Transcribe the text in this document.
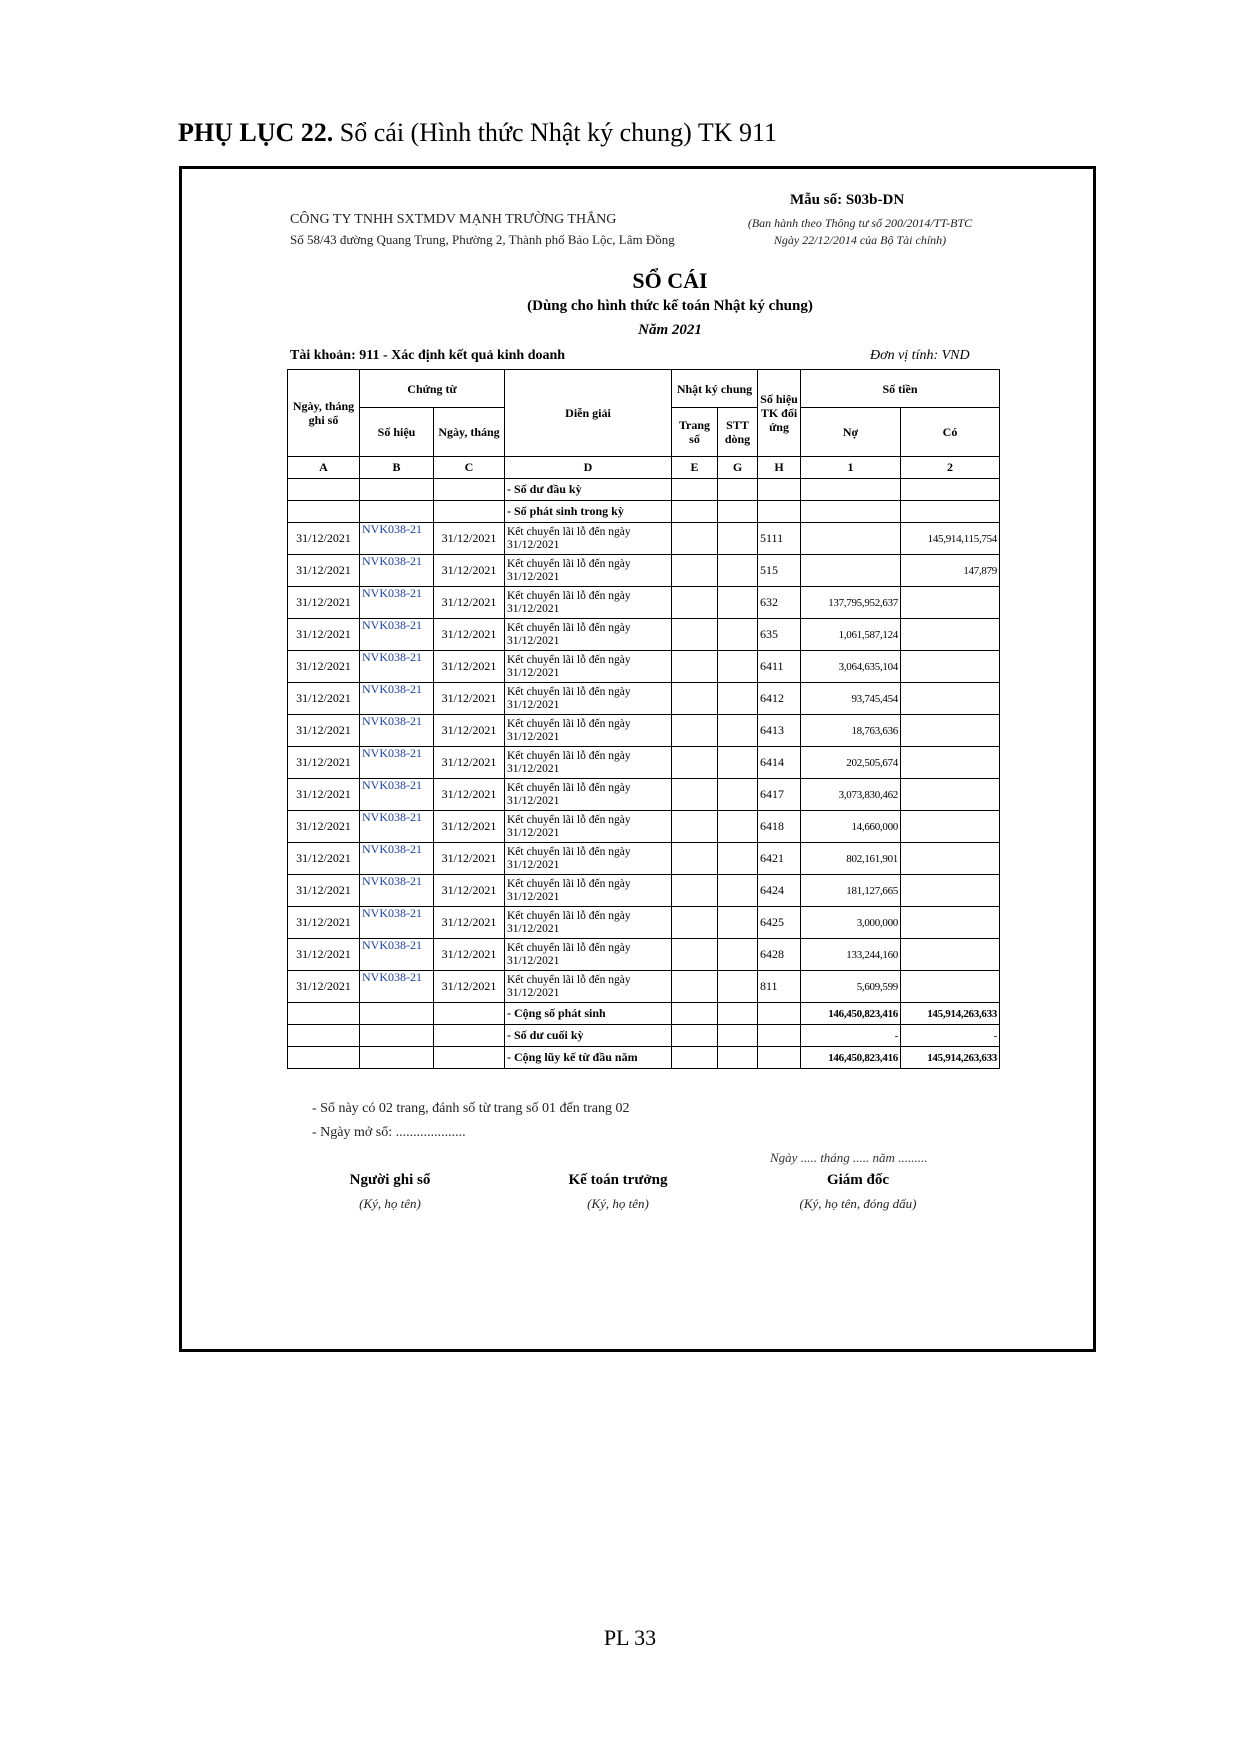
PHỤ LỤC 22. Sổ cái (Hình thức Nhật ký chung) TK 911
CÔNG TY TNHH SXTMDV MẠNH TRƯỜNG THẮNG
Số 58/43 đường Quang Trung, Phường 2, Thành phố Bảo Lộc, Lâm Đồng
Mẫu số: S03b-DN
(Ban hành theo Thông tư số 200/2014/TT-BTC
Ngày 22/12/2014 của Bộ Tài chính)
SỔ CÁI
(Dùng cho hình thức kế toán Nhật ký chung)
Năm 2021
Tài khoản: 911 - Xác định kết quả kinh doanh	Đơn vị tính: VND
Ngày, tháng ghi sổ	Chứng từ		Diễn giải	Nhật ký chung		Số hiệu TK đối ứng	Số tiền	
	Số hiệu	Ngày, tháng		Trang số	STT dòng		Nợ	Có
A	B	C	D	E	G	H	1	2
			- Số dư đầu kỳ					
			- Số phát sinh trong kỳ					
31/12/2021	NVK038-21	31/12/2021	Kết chuyển lãi lỗ đến ngày 31/12/2021			5111		145,914,115,754
31/12/2021	NVK038-21	31/12/2021	Kết chuyển lãi lỗ đến ngày 31/12/2021			515		147,879
31/12/2021	NVK038-21	31/12/2021	Kết chuyển lãi lỗ đến ngày 31/12/2021			632	137,795,952,637	
31/12/2021	NVK038-21	31/12/2021	Kết chuyển lãi lỗ đến ngày 31/12/2021			635	1,061,587,124	
31/12/2021	NVK038-21	31/12/2021	Kết chuyển lãi lỗ đến ngày 31/12/2021			6411	3,064,635,104	
31/12/2021	NVK038-21	31/12/2021	Kết chuyển lãi lỗ đến ngày 31/12/2021			6412	93,745,454	
31/12/2021	NVK038-21	31/12/2021	Kết chuyển lãi lỗ đến ngày 31/12/2021			6413	18,763,636	
31/12/2021	NVK038-21	31/12/2021	Kết chuyển lãi lỗ đến ngày 31/12/2021			6414	202,505,674	
31/12/2021	NVK038-21	31/12/2021	Kết chuyển lãi lỗ đến ngày 31/12/2021			6417	3,073,830,462	
31/12/2021	NVK038-21	31/12/2021	Kết chuyển lãi lỗ đến ngày 31/12/2021			6418	14,660,000	
31/12/2021	NVK038-21	31/12/2021	Kết chuyển lãi lỗ đến ngày 31/12/2021			6421	802,161,901	
31/12/2021	NVK038-21	31/12/2021	Kết chuyển lãi lỗ đến ngày 31/12/2021			6424	181,127,665	
31/12/2021	NVK038-21	31/12/2021	Kết chuyển lãi lỗ đến ngày 31/12/2021			6425	3,000,000	
31/12/2021	NVK038-21	31/12/2021	Kết chuyển lãi lỗ đến ngày 31/12/2021			6428	133,244,160	
31/12/2021	NVK038-21	31/12/2021	Kết chuyển lãi lỗ đến ngày 31/12/2021			811	5,609,599	
			- Cộng số phát sinh				146,450,823,416	145,914,263,633
			- Số dư cuối kỳ				-	-
			- Cộng lũy kế từ đầu năm				146,450,823,416	145,914,263,633
- Sổ này có 02 trang, đánh số từ trang số 01 đến trang 02
- Ngày mở sổ: ....................
Ngày ..... tháng ..... năm .........
Người ghi sổ
(Ký, họ tên)
Kế toán trưởng
(Ký, họ tên)
Giám đốc
(Ký, họ tên, đóng dấu)
PL 33
